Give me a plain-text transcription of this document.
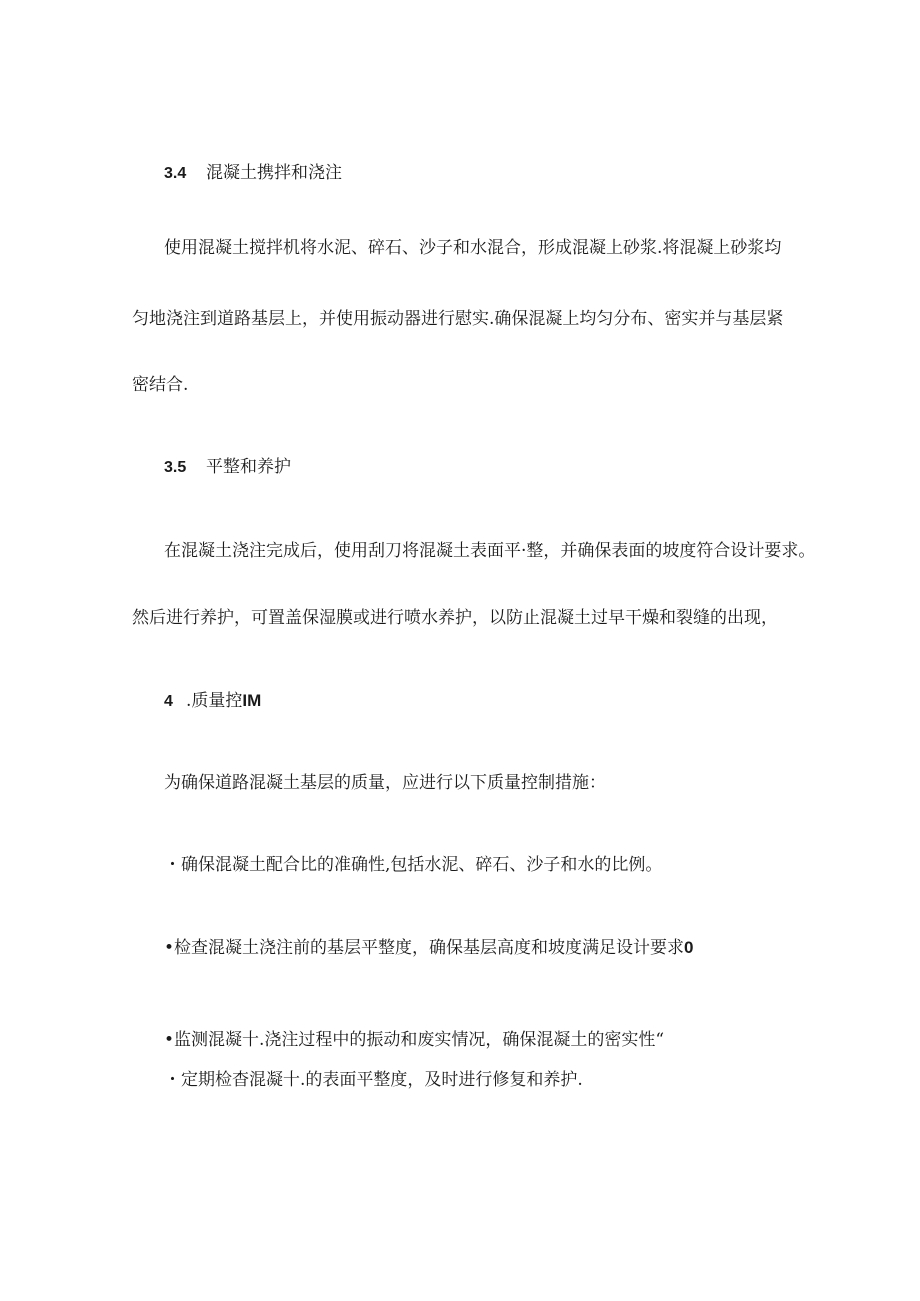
3.4 混凝土携拌和浇注
使用混凝土搅拌机将水泥、碎石、沙子和水混合，形成混凝上砂浆.将混凝上砂浆均
匀地浇注到道路基层上，并使用振动器进行慰实.确保混凝上均匀分布、密实并与基层紧
密结合.
3.5 平整和养护
在混凝土浇注完成后，使用刮刀将混凝土表面平·整，并确保表面的坡度符合设计要求。
然后进行养护，可置盖保湿膜或进行喷水养护，以防止混凝土过早干燥和裂缝的出现，
4 .质量控IM
为确保道路混凝土基层的质量，应进行以下质量控制措施：
・确保混凝土配合比的准确性,包括水泥、碎石、沙子和水的比例。
•检查混凝土浇注前的基层平整度，确保基层高度和坡度满足设计要求0
•监测混凝十.浇注过程中的振动和废实情况，确保混凝土的密实性“
・定期检杳混凝十.的表面平整度，及时进行修复和养护.
